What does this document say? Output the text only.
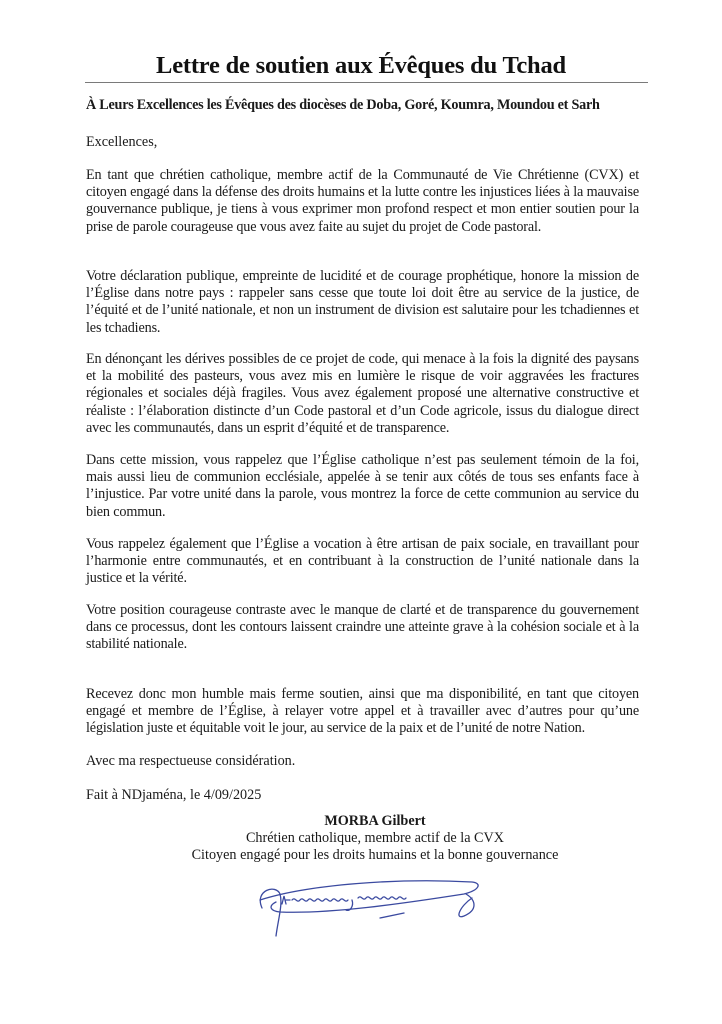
Lettre de soutien aux Évêques du Tchad
À Leurs Excellences les Évêques des diocèses de Doba, Goré, Koumra, Moundou et Sarh
Excellences,

En tant que chrétien catholique, membre actif de la Communauté de Vie Chrétienne (CVX) et citoyen engagé dans la défense des droits humains et la lutte contre les injustices liées à la mauvaise gouvernance publique, je tiens à vous exprimer mon profond respect et mon entier soutien pour la prise de parole courageuse que vous avez faite au sujet du projet de Code pastoral.

Votre déclaration publique, empreinte de lucidité et de courage prophétique, honore la mission de l’Église dans notre pays : rappeler sans cesse que toute loi doit être au service de la justice, de l’équité et de l’unité nationale, et non un instrument de division est salutaire pour les tchadiennes et les tchadiens.

En dénonçant les dérives possibles de ce projet de code, qui menace à la fois la dignité des paysans et la mobilité des pasteurs, vous avez mis en lumière le risque de voir aggravées les fractures régionales et sociales déjà fragiles. Vous avez également proposé une alternative constructive et réaliste : l’élaboration distincte d’un Code pastoral et d’un Code agricole, issus du dialogue direct avec les communautés, dans un esprit d’équité et de transparence.

Dans cette mission, vous rappelez que l’Église catholique n’est pas seulement témoin de la foi, mais aussi lieu de communion ecclésiale, appelée à se tenir aux côtés de tous ses enfants face à l’injustice. Par votre unité dans la parole, vous montrez la force de cette communion au service du bien commun.

Vous rappelez également que l’Église a vocation à être artisan de paix sociale, en travaillant pour l’harmonie entre communautés, et en contribuant à la construction de l’unité nationale dans la justice et la vérité.

Votre position courageuse contraste avec le manque de clarté et de transparence du gouvernement dans ce processus, dont les contours laissent craindre une atteinte grave à la cohésion sociale et à la stabilité nationale.

Recevez donc mon humble mais ferme soutien, ainsi que ma disponibilité, en tant que citoyen engagé et membre de l’Église, à relayer votre appel et à travailler avec d’autres pour qu’une législation juste et équitable voit le jour, au service de la paix et de l’unité de notre Nation.

Avec ma respectueuse considération.
Fait à NDjaména, le 4/09/2025
MORBA Gilbert
Chrétien catholique, membre actif de la CVX
Citoyen engagé pour les droits humains et la bonne gouvernance
